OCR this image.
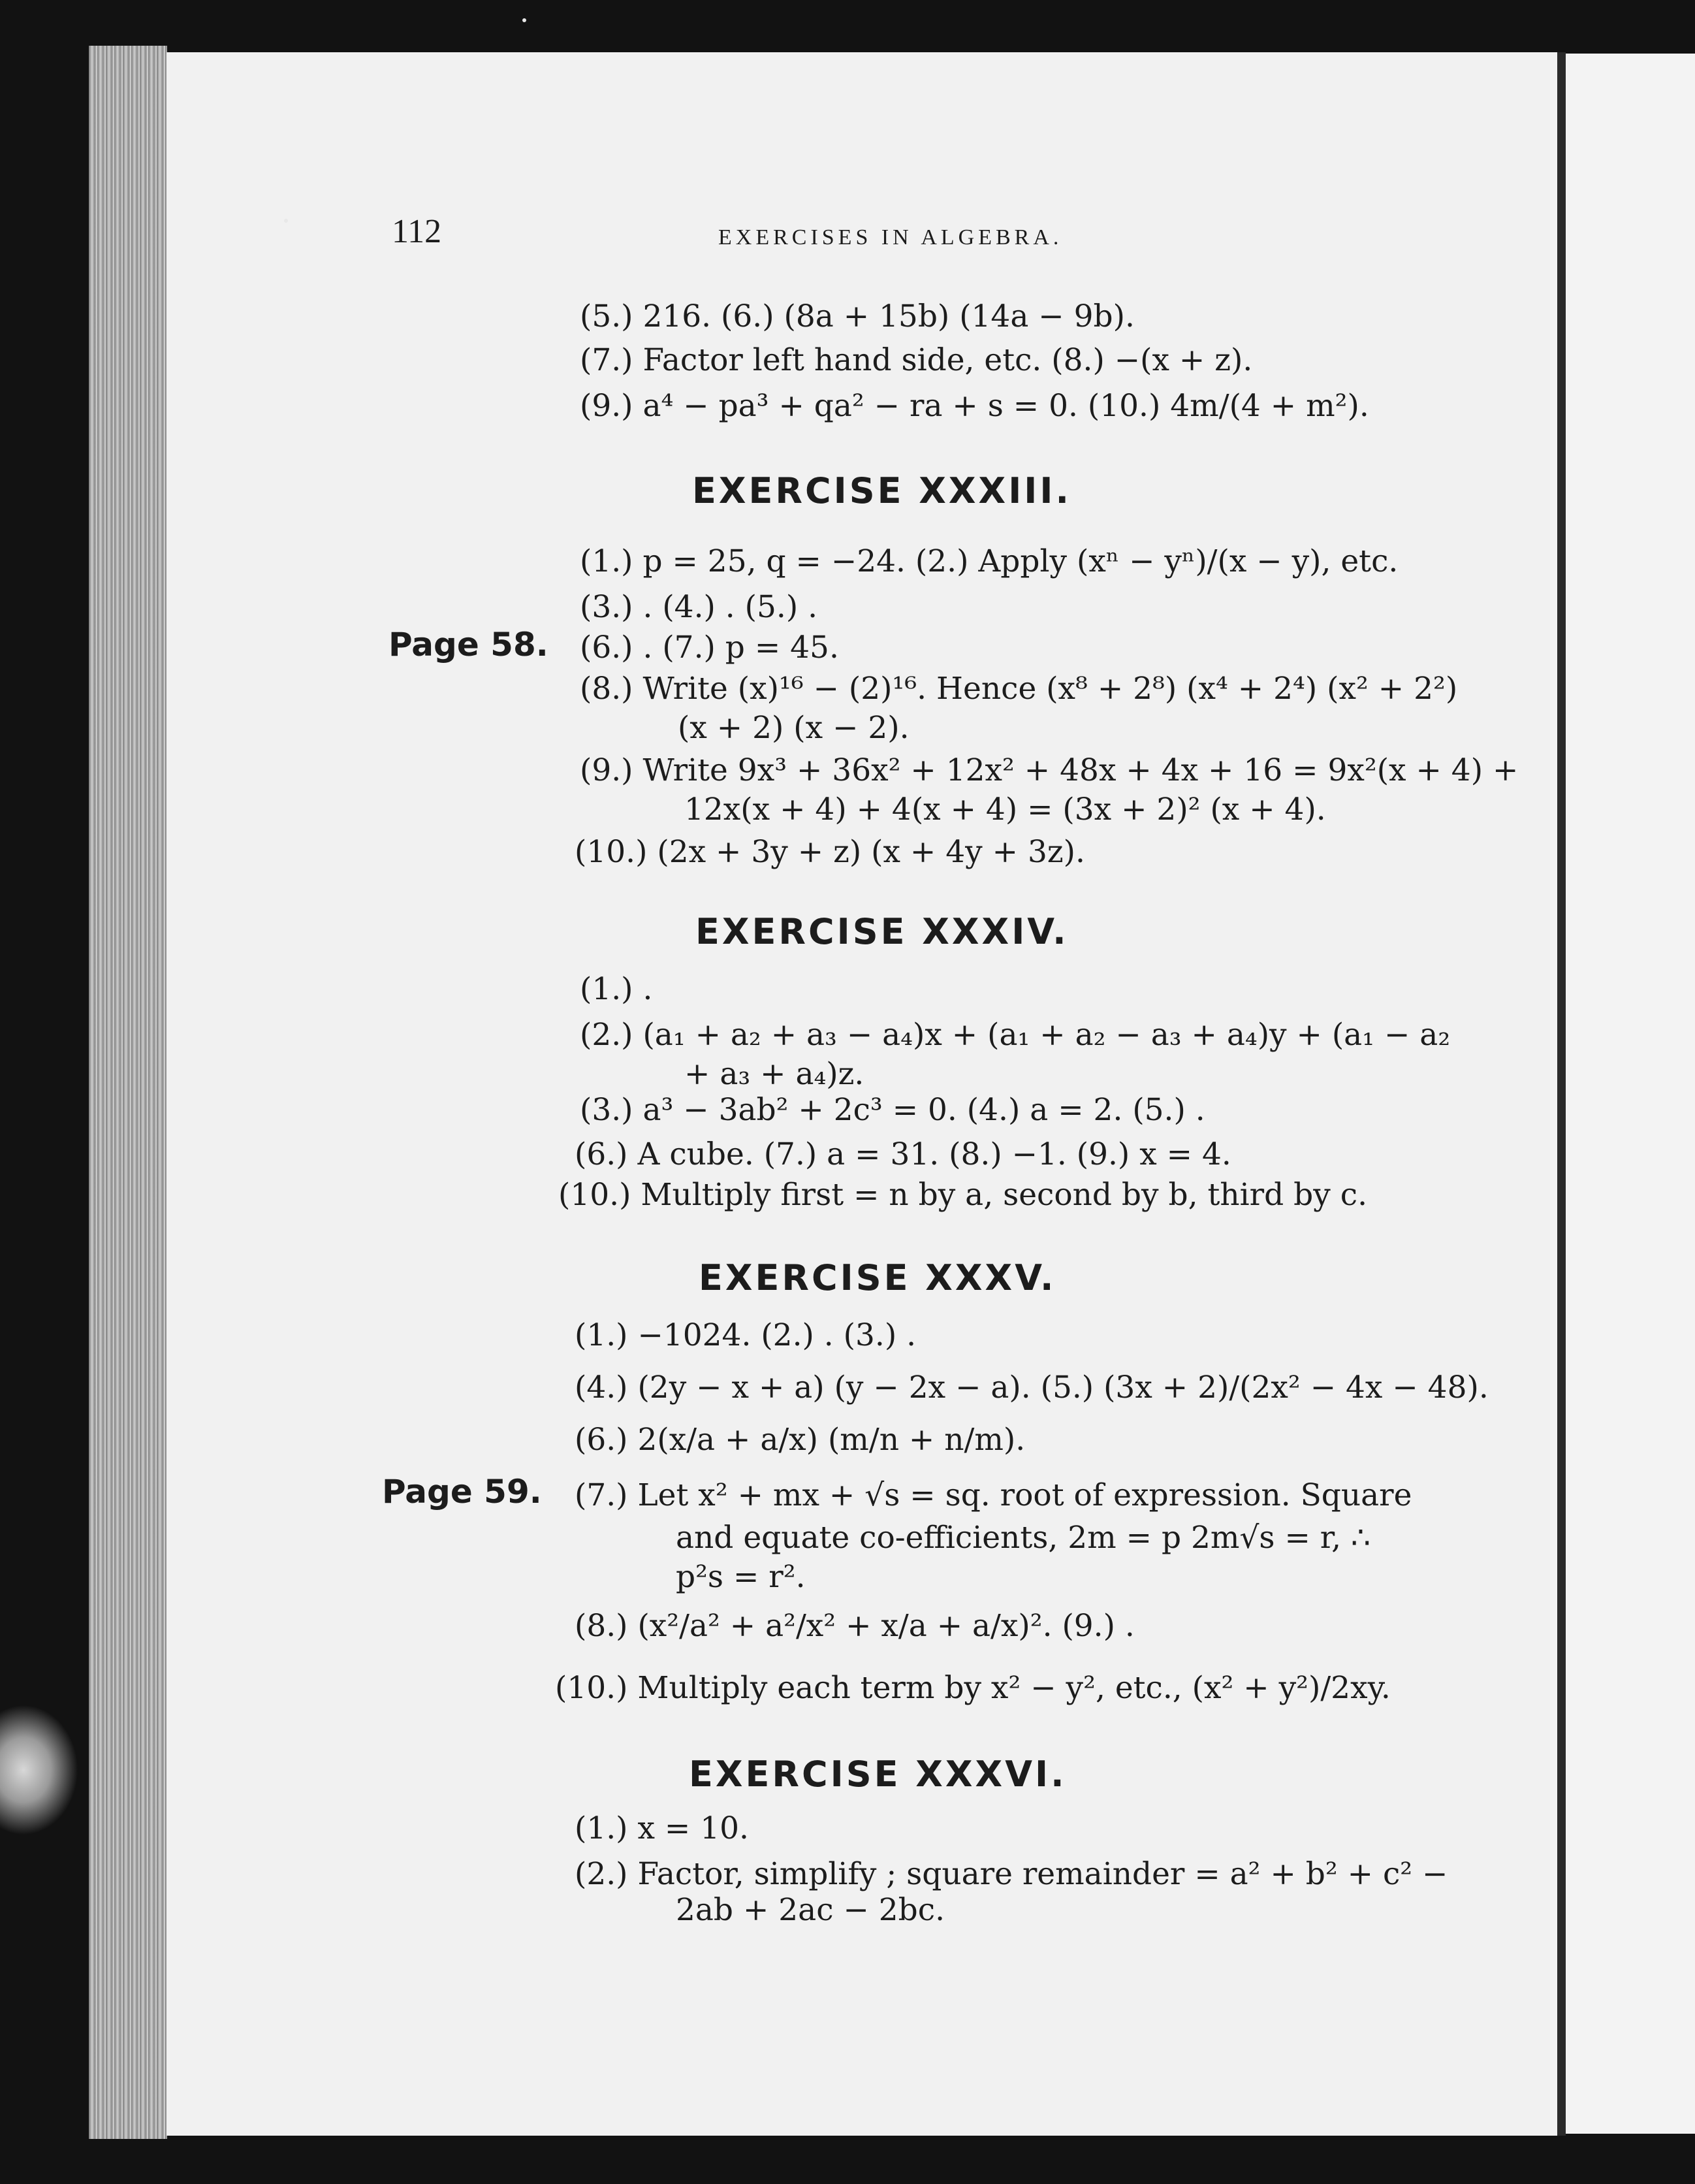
112	EXERCISES IN ALGEBRA.
(5.) 216. (6.) (8a + 15b) (14a − 9b).
(7.) Factor left hand side, etc. (8.) −(x + z).
(9.) a⁴ − pa³ + qa² − ra + s = 0. (10.) 4m/(4 + m²).
EXERCISE XXXIII.
(1.) p = 25, q = −24. (2.) Apply (xⁿ − yⁿ)/(x − y), etc.
(3.) . (4.) . (5.) .
Page 58. (6.) . (7.) p = 45.
(8.) Write (x)¹⁶ − (2)¹⁶. Hence (x⁸ + 2⁸) (x⁴ + 2⁴) (x² + 2²)
(x + 2) (x − 2).
(9.) Write 9x³ + 36x² + 12x² + 48x + 4x + 16 = 9x²(x + 4) +
12x(x + 4) + 4(x + 4) = (3x + 2)² (x + 4).
(10.) (2x + 3y + z) (x + 4y + 3z).
EXERCISE XXXIV.
(1.) .
(2.) (a₁ + a₂ + a₃ − a₄)x + (a₁ + a₂ − a₃ + a₄)y + (a₁ − a₂
+ a₃ + a₄)z.
(3.) a³ − 3ab² + 2c³ = 0. (4.) a = 2. (5.) .
(6.) A cube. (7.) a = 31. (8.) −1. (9.) x = 4.
(10.) Multiply first = n by a, second by b, third by c.
EXERCISE XXXV.
(1.) −1024. (2.) . (3.) .
(4.) (2y − x + a) (y − 2x − a). (5.) (3x + 2)/(2x² − 4x − 48).
(6.) 2(x/a + a/x) (m/n + n/m).
Page 59. (7.) Let x² + mx + √s = sq. root of expression. Square
and equate co-efficients, 2m = p 2m√s = r, ∴
p²s = r².
(8.) (x²/a² + a²/x² + x/a + a/x)². (9.) .
(10.) Multiply each term by x² − y², etc., (x² + y²)/2xy.
EXERCISE XXXVI.
(1.) x = 10.
(2.) Factor, simplify ; square remainder = a² + b² + c² −
2ab + 2ac − 2bc.
